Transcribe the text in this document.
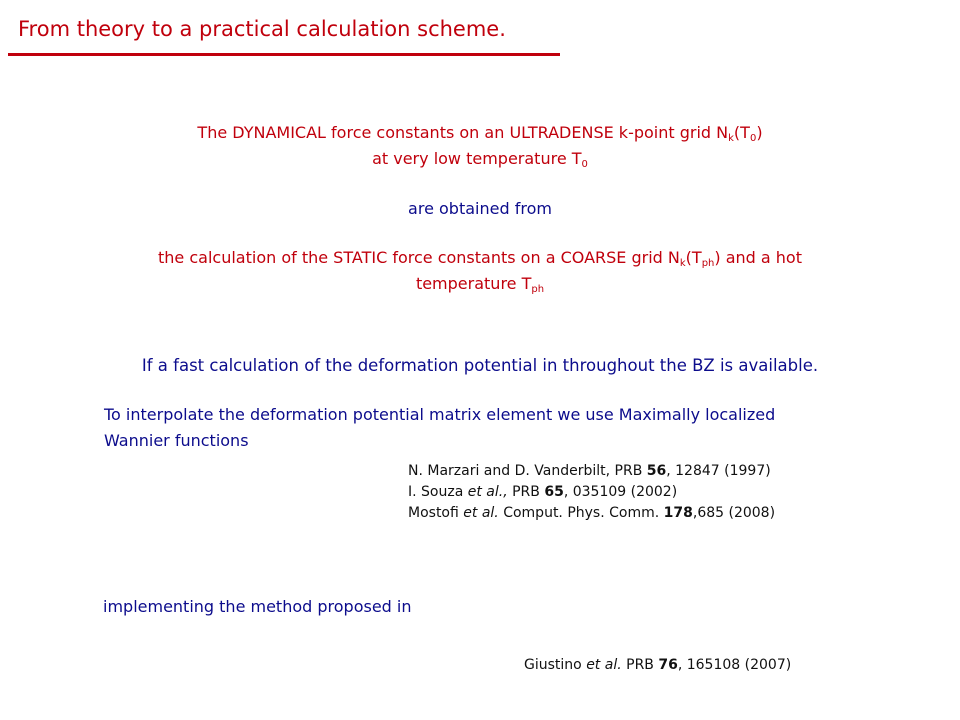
From theory to a practical calculation scheme.
The DYNAMICAL force constants on an ULTRADENSE k-point grid $N_k(T_0)$
at very low temperature $T_0$
are obtained from
the calculation of the STATIC force constants on a COARSE grid $N_k(T_{ph})$ and a hot
temperature $T_{ph}$
If a fast calculation of the deformation potential in throughout the BZ is available.
To interpolate the deformation potential matrix element we use Maximally localized
Wannier functions
N. Marzari and D. Vanderbilt, PRB 56, 12847 (1997)
I. Souza et al., PRB 65, 035109 (2002)
Mostofi et al. Comput. Phys. Comm. 178,685 (2008)
implementing the method proposed in
Giustino et al. PRB 76, 165108 (2007)
